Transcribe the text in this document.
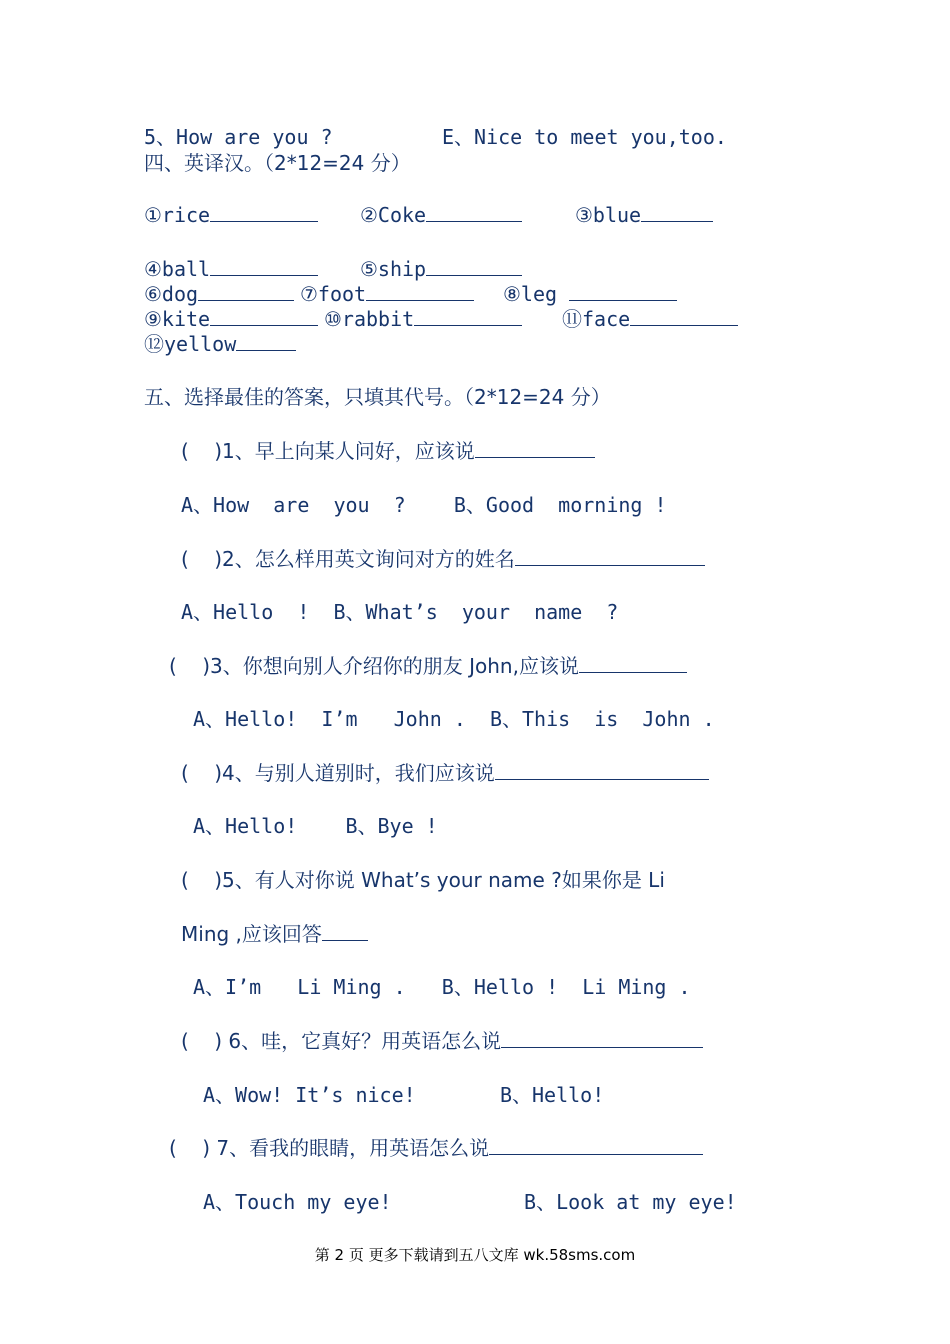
5、How are you ?	E、Nice to meet you,too.
四、英译汉。（2*12=24 分）
①rice	②Coke	③blue
④ball	⑤ship
⑥dog	⑦foot	⑧leg
⑨kite	⑩rabbit	⑪face
⑫yellow
五、选择最佳的答案，只填其代号。（2*12=24 分）
(    )1、早上向某人问好，应该说
A、How  are  you  ?    B、Good  morning !
(    )2、怎么样用英文询问对方的姓名
A、Hello  !  B、What’s  your  name  ?
(    )3、你想向别人介绍你的朋友 John,应该说
A、Hello!  I’m   John .  B、This  is  John .
(    )4、与别人道别时，我们应该说
A、Hello!    B、Bye !
(    )5、有人对你说 What’s your name ?如果你是 Li
Ming ,应该回答
A、I’m   Li Ming .   B、Hello !  Li Ming .
(    ) 6、哇，它真好？用英语怎么说
A、Wow! It’s nice!       B、Hello!
(    ) 7、看我的眼睛，用英语怎么说
A、Touch my eye!           B、Look at my eye!
第 2 页 更多下载请到五八文库 wk.58sms.com
